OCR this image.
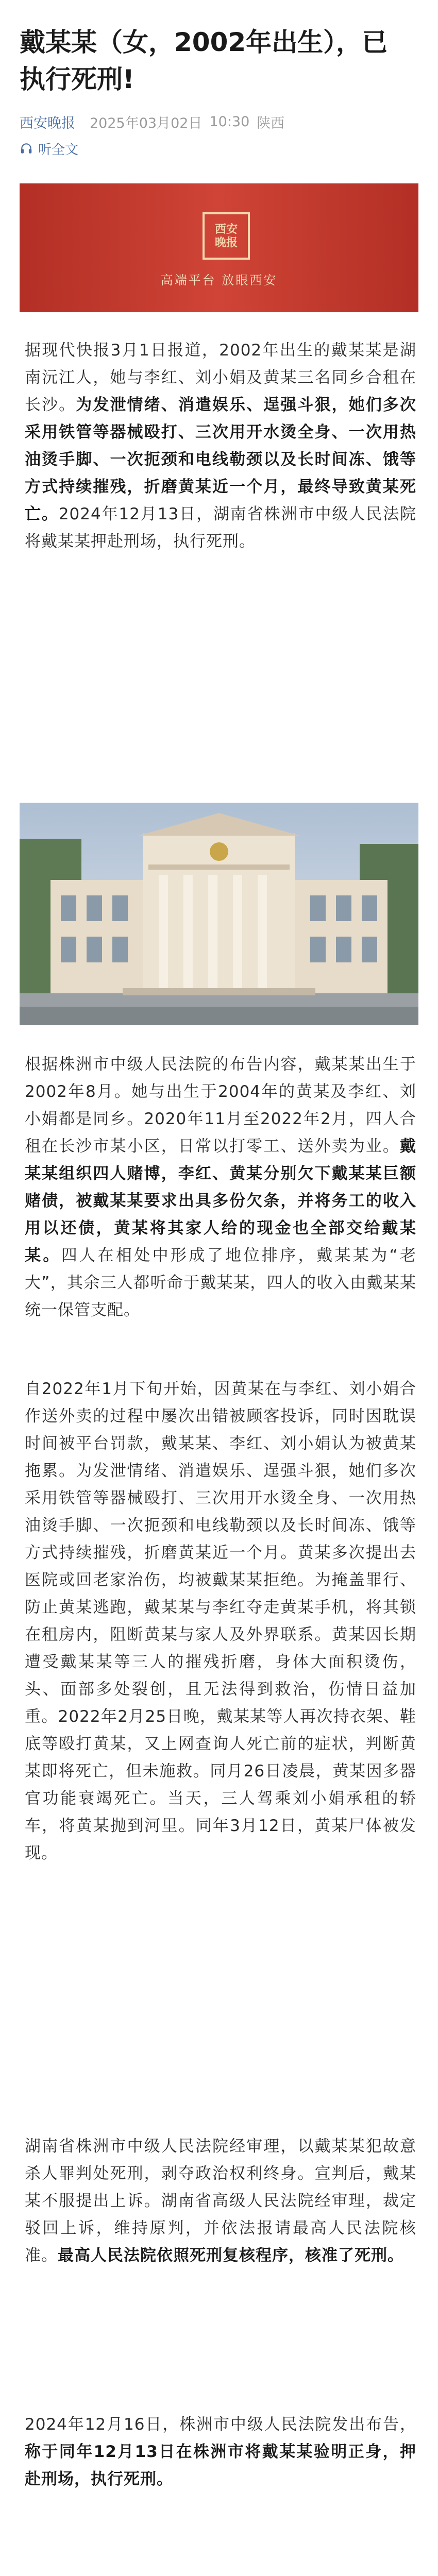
戴某某（女，2002年出生），已执行死刑!
西安晚报 2025年03月02日 10:30 陕西
听全文
西安晚报
高端平台 放眼西安

据现代快报3月1日报道，2002年出生的戴某某是湖南沅江人，她与李红、刘小娟及黄某三名同乡合租在长沙。为发泄情绪、消遣娱乐、逞强斗狠，她们多次采用铁管等器械殴打、三次用开水烫全身、一次用热油烫手脚、一次扼颈和电线勒颈以及长时间冻、饿等方式持续摧残，折磨黄某近一个月，最终导致黄某死亡。2024年12月13日，湖南省株洲市中级人民法院将戴某某押赴刑场，执行死刑。

根据株洲市中级人民法院的布告内容，戴某某出生于2002年8月。她与出生于2004年的黄某及李红、刘小娟都是同乡。2020年11月至2022年2月，四人合租在长沙市某小区，日常以打零工、送外卖为业。戴某某组织四人赌博，李红、黄某分别欠下戴某某巨额赌债，被戴某某要求出具多份欠条，并将务工的收入用以还债，黄某将其家人给的现金也全部交给戴某某。四人在相处中形成了地位排序，戴某某为“老大”，其余三人都听命于戴某某，四人的收入由戴某某统一保管支配。

自2022年1月下旬开始，因黄某在与李红、刘小娟合作送外卖的过程中屡次出错被顾客投诉，同时因耽误时间被平台罚款，戴某某、李红、刘小娟认为被黄某拖累。为发泄情绪、消遣娱乐、逞强斗狠，她们多次采用铁管等器械殴打、三次用开水烫全身、一次用热油烫手脚、一次扼颈和电线勒颈以及长时间冻、饿等方式持续摧残，折磨黄某近一个月。黄某多次提出去医院或回老家治伤，均被戴某某拒绝。为掩盖罪行、防止黄某逃跑，戴某某与李红夺走黄某手机，将其锁在租房内，阻断黄某与家人及外界联系。黄某因长期遭受戴某某等三人的摧残折磨，身体大面积烫伤，头、面部多处裂创，且无法得到救治，伤情日益加重。2022年2月25日晚，戴某某等人再次持衣架、鞋底等殴打黄某，又上网查询人死亡前的症状，判断黄某即将死亡，但未施救。同月26日凌晨，黄某因多器官功能衰竭死亡。当天，三人驾乘刘小娟承租的轿车，将黄某抛到河里。同年3月12日，黄某尸体被发现。

湖南省株洲市中级人民法院经审理，以戴某某犯故意杀人罪判处死刑，剥夺政治权利终身。宣判后，戴某某不服提出上诉。湖南省高级人民法院经审理，裁定驳回上诉，维持原判，并依法报请最高人民法院核准。最高人民法院依照死刑复核程序，核准了死刑。

2024年12月16日，株洲市中级人民法院发出布告，称于同年12月13日在株洲市将戴某某验明正身，押赴刑场，执行死刑。
